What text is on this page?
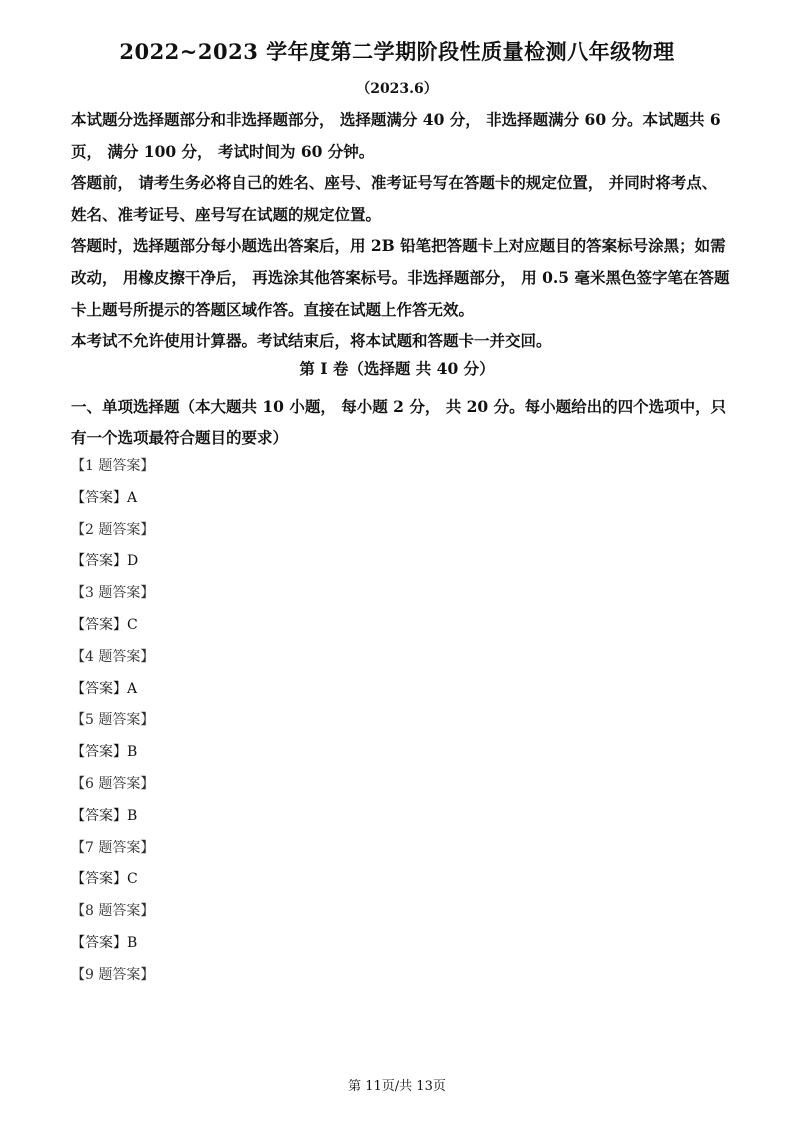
2022~2023 学年度第二学期阶段性质量检测八年级物理
（2023.6）

本试题分选择题部分和非选择题部分， 选择题满分 40 分， 非选择题满分 60 分。本试题共 6 页， 满分 100 分， 考试时间为 60 分钟。

答题前， 请考生务必将自己的姓名、座号、准考证号写在答题卡的规定位置， 并同时将考点、姓名、准考证号、座号写在试题的规定位置。

答题时，选择题部分每小题选出答案后，用 2B 铅笔把答题卡上对应题目的答案标号涂黑；如需改动， 用橡皮擦干净后， 再选涂其他答案标号。非选择题部分， 用 0.5 毫米黑色签字笔在答题卡上题号所提示的答题区域作答。直接在试题上作答无效。

本考试不允许使用计算器。考试结束后，将本试题和答题卡一并交回。

第 I 卷（选择题 共 40 分）
一、单项选择题（本大题共 10 小题， 每小题 2 分， 共 20 分。每小题给出的四个选项中，只有一个选项最符合题目的要求）
【1 题答案】
【答案】A
【2 题答案】
【答案】D
【3 题答案】
【答案】C
【4 题答案】
【答案】A
【5 题答案】
【答案】B
【6 题答案】
【答案】B
【7 题答案】
【答案】C
【8 题答案】
【答案】B
【9 题答案】
第 11页/共 13页
